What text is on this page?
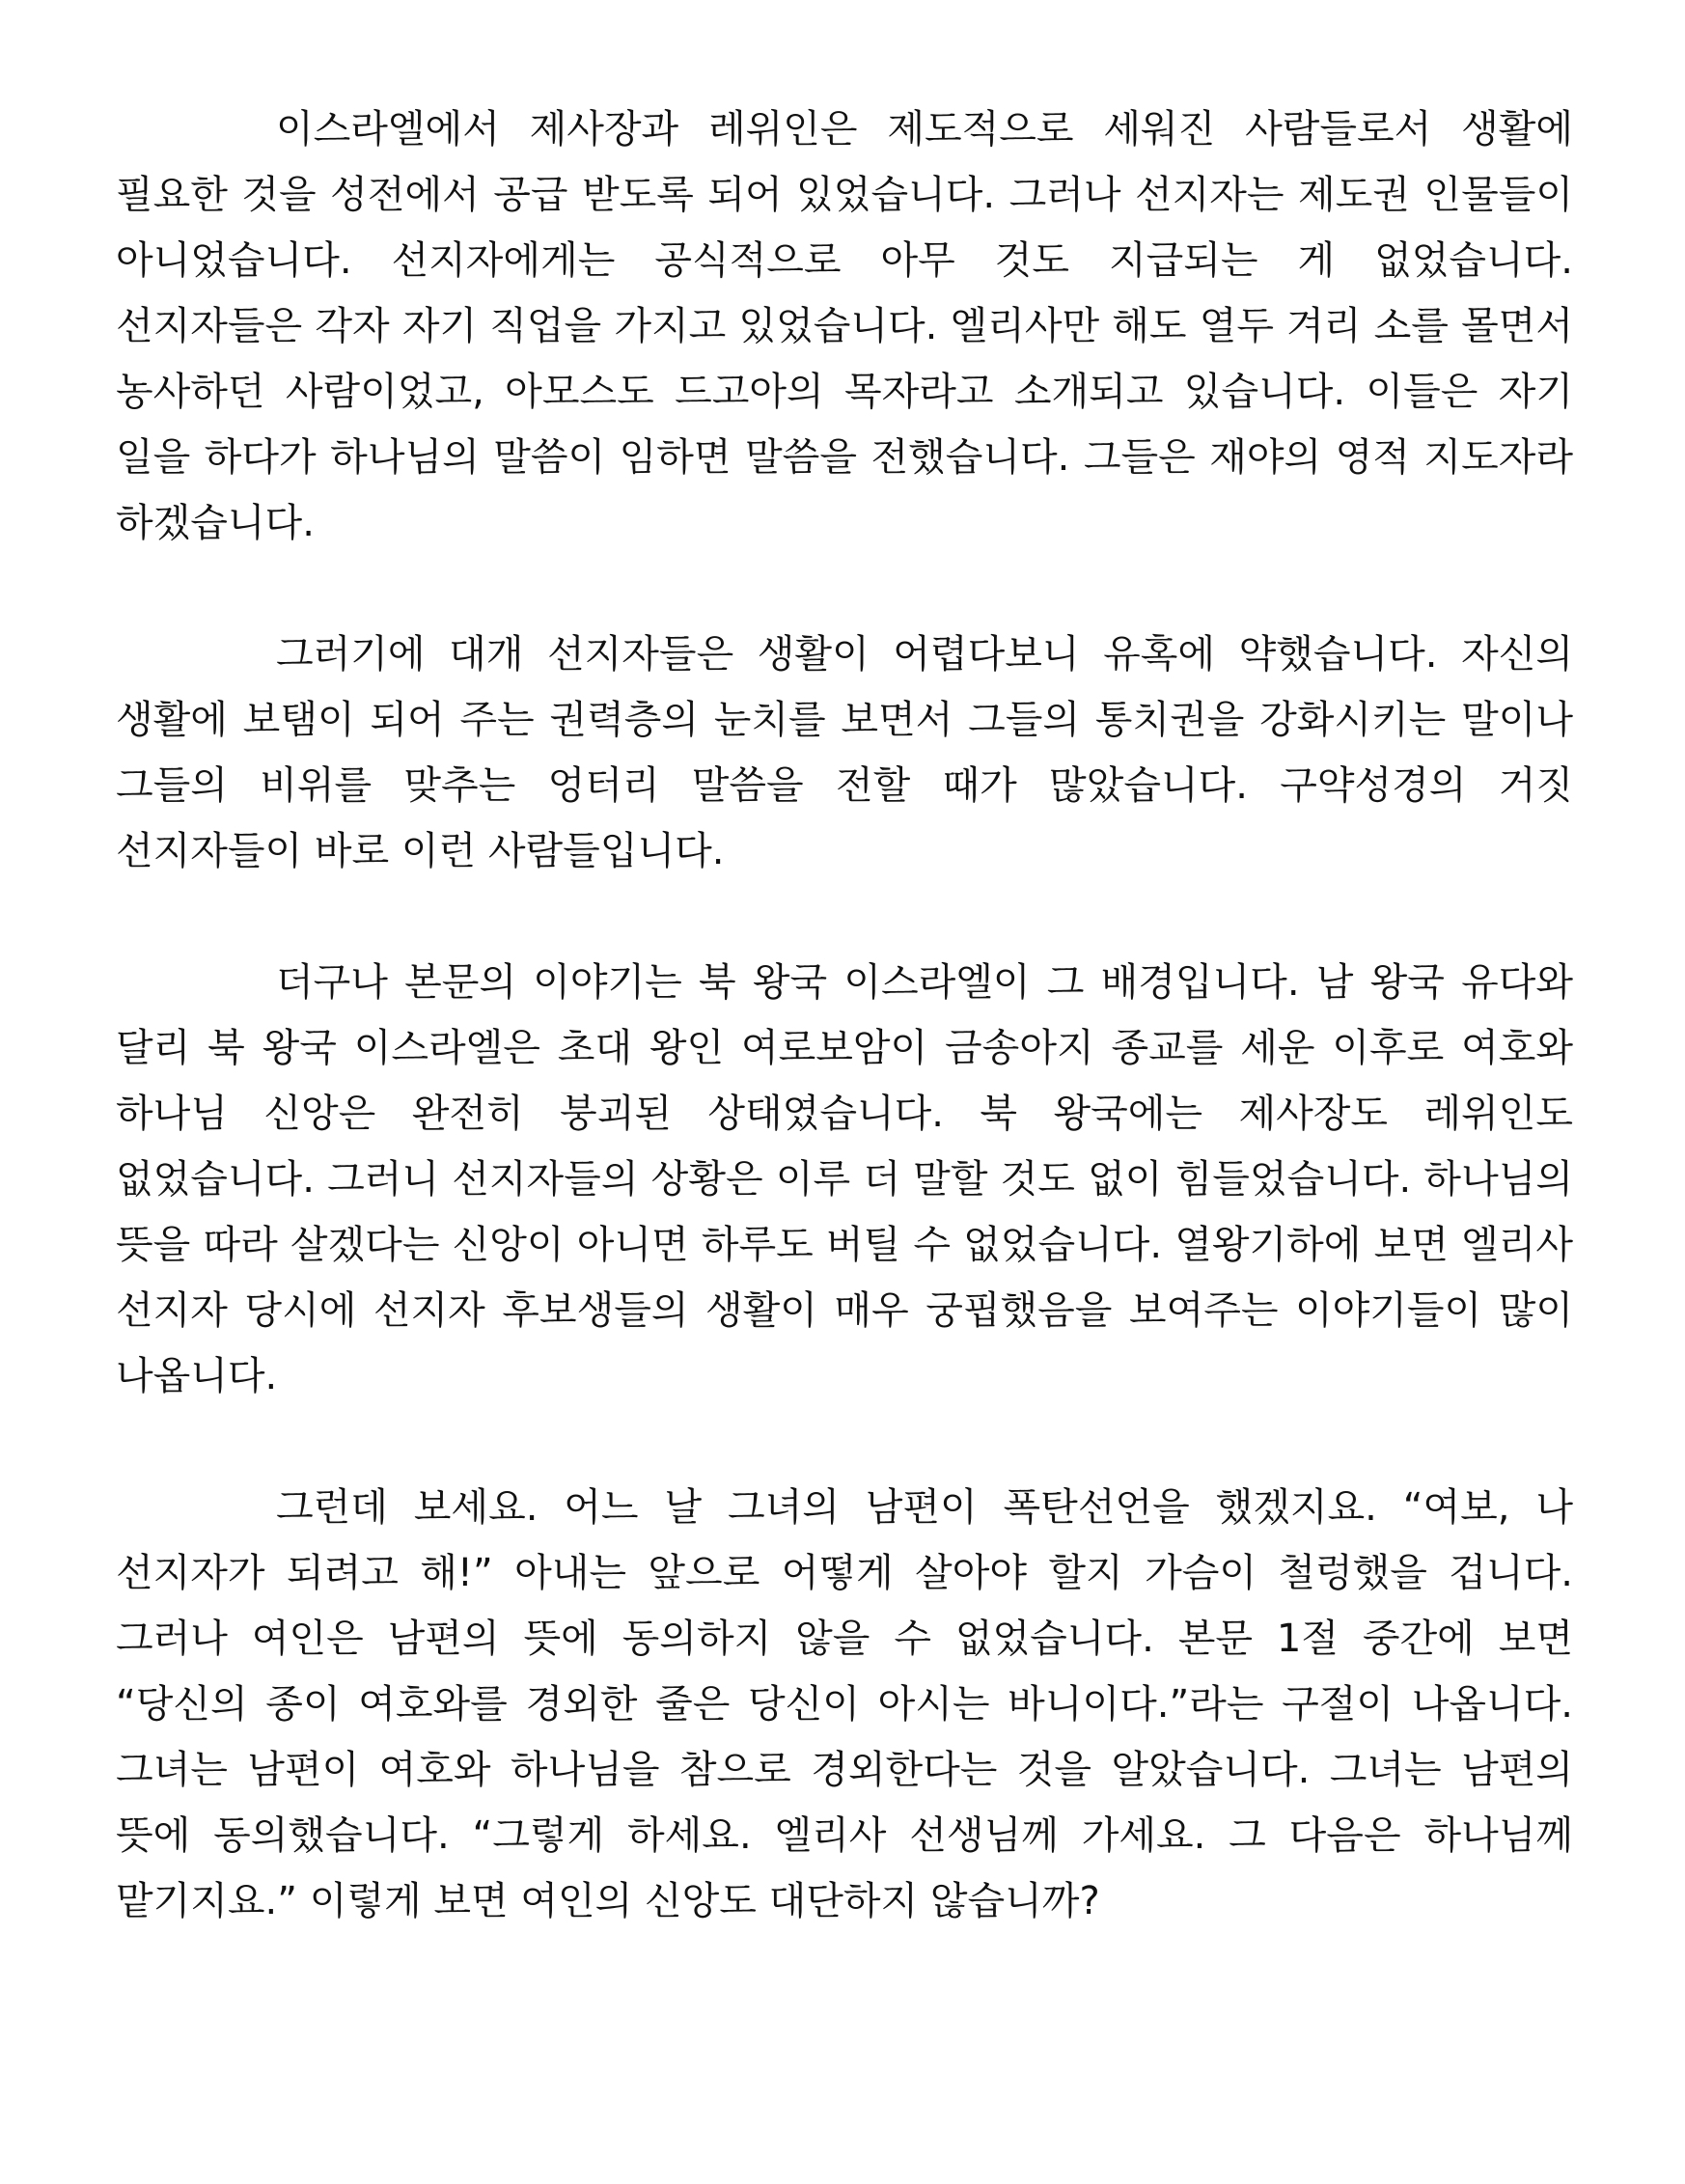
이스라엘에서 제사장과 레위인은 제도적으로 세워진 사람들로서 생활에 필요한 것을 성전에서 공급 받도록 되어 있었습니다. 그러나 선지자는 제도권 인물들이 아니었습니다. 선지자에게는 공식적으로 아무 것도 지급되는 게 없었습니다. 선지자들은 각자 자기 직업을 가지고 있었습니다. 엘리사만 해도 열두 겨리 소를 몰면서 농사하던 사람이었고, 아모스도 드고아의 목자라고 소개되고 있습니다. 이들은 자기 일을 하다가 하나님의 말씀이 임하면 말씀을 전했습니다. 그들은 재야의 영적 지도자라 하겠습니다.

그러기에 대개 선지자들은 생활이 어렵다보니 유혹에 약했습니다. 자신의 생활에 보탬이 되어 주는 권력층의 눈치를 보면서 그들의 통치권을 강화시키는 말이나 그들의 비위를 맞추는 엉터리 말씀을 전할 때가 많았습니다. 구약성경의 거짓 선지자들이 바로 이런 사람들입니다.

더구나 본문의 이야기는 북 왕국 이스라엘이 그 배경입니다. 남 왕국 유다와 달리 북 왕국 이스라엘은 초대 왕인 여로보암이 금송아지 종교를 세운 이후로 여호와 하나님 신앙은 완전히 붕괴된 상태였습니다. 북 왕국에는 제사장도 레위인도 없었습니다. 그러니 선지자들의 상황은 이루 더 말할 것도 없이 힘들었습니다. 하나님의 뜻을 따라 살겠다는 신앙이 아니면 하루도 버틸 수 없었습니다. 열왕기하에 보면 엘리사 선지자 당시에 선지자 후보생들의 생활이 매우 궁핍했음을 보여주는 이야기들이 많이 나옵니다.

그런데 보세요. 어느 날 그녀의 남편이 폭탄선언을 했겠지요. “여보, 나 선지자가 되려고 해!” 아내는 앞으로 어떻게 살아야 할지 가슴이 철렁했을 겁니다. 그러나 여인은 남편의 뜻에 동의하지 않을 수 없었습니다. 본문 1절 중간에 보면 “당신의 종이 여호와를 경외한 줄은 당신이 아시는 바니이다.”라는 구절이 나옵니다. 그녀는 남편이 여호와 하나님을 참으로 경외한다는 것을 알았습니다. 그녀는 남편의 뜻에 동의했습니다. “그렇게 하세요. 엘리사 선생님께 가세요. 그 다음은 하나님께 맡기지요.” 이렇게 보면 여인의 신앙도 대단하지 않습니까?
